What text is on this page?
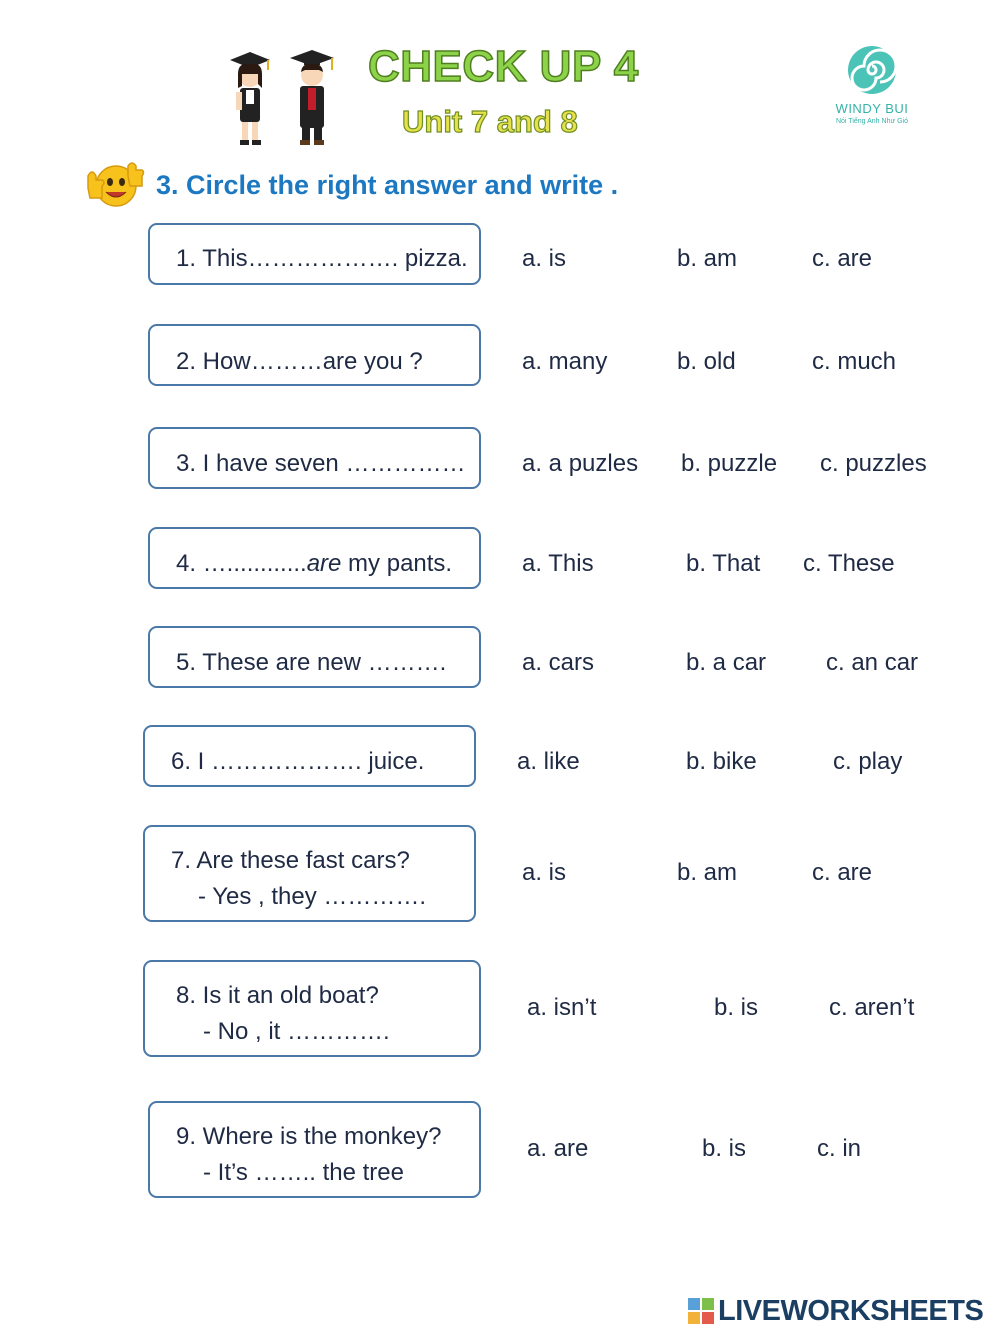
CHECK UP 4
Unit 7 and 8	WINDY BUI
Nói Tiếng Anh Như Gió
3. Circle the right answer and write .
1. This………………. pizza. a. is	b. am	c. are
2. How………are you ?	a. many	b. old	c. much
3. I have seven …………… a. a puzles b. puzzle c. puzzles
4. …............are my pants.	a. This	b. That c. These
5. These are new ……….	a. cars	b. a car c. an car
6. I ………………. juice.	a. like	b. bike	c. play
7. Are these fast cars?
- Yes , they ………….
a. is	b. am	c. are
8. Is it an old boat?
- No , it ………….
a. isn’t	b. is	c. aren’t
9. Where is the monkey?
- It’s …….. the tree
a. are	b. is	c. in
LIVEWORKSHEETS
